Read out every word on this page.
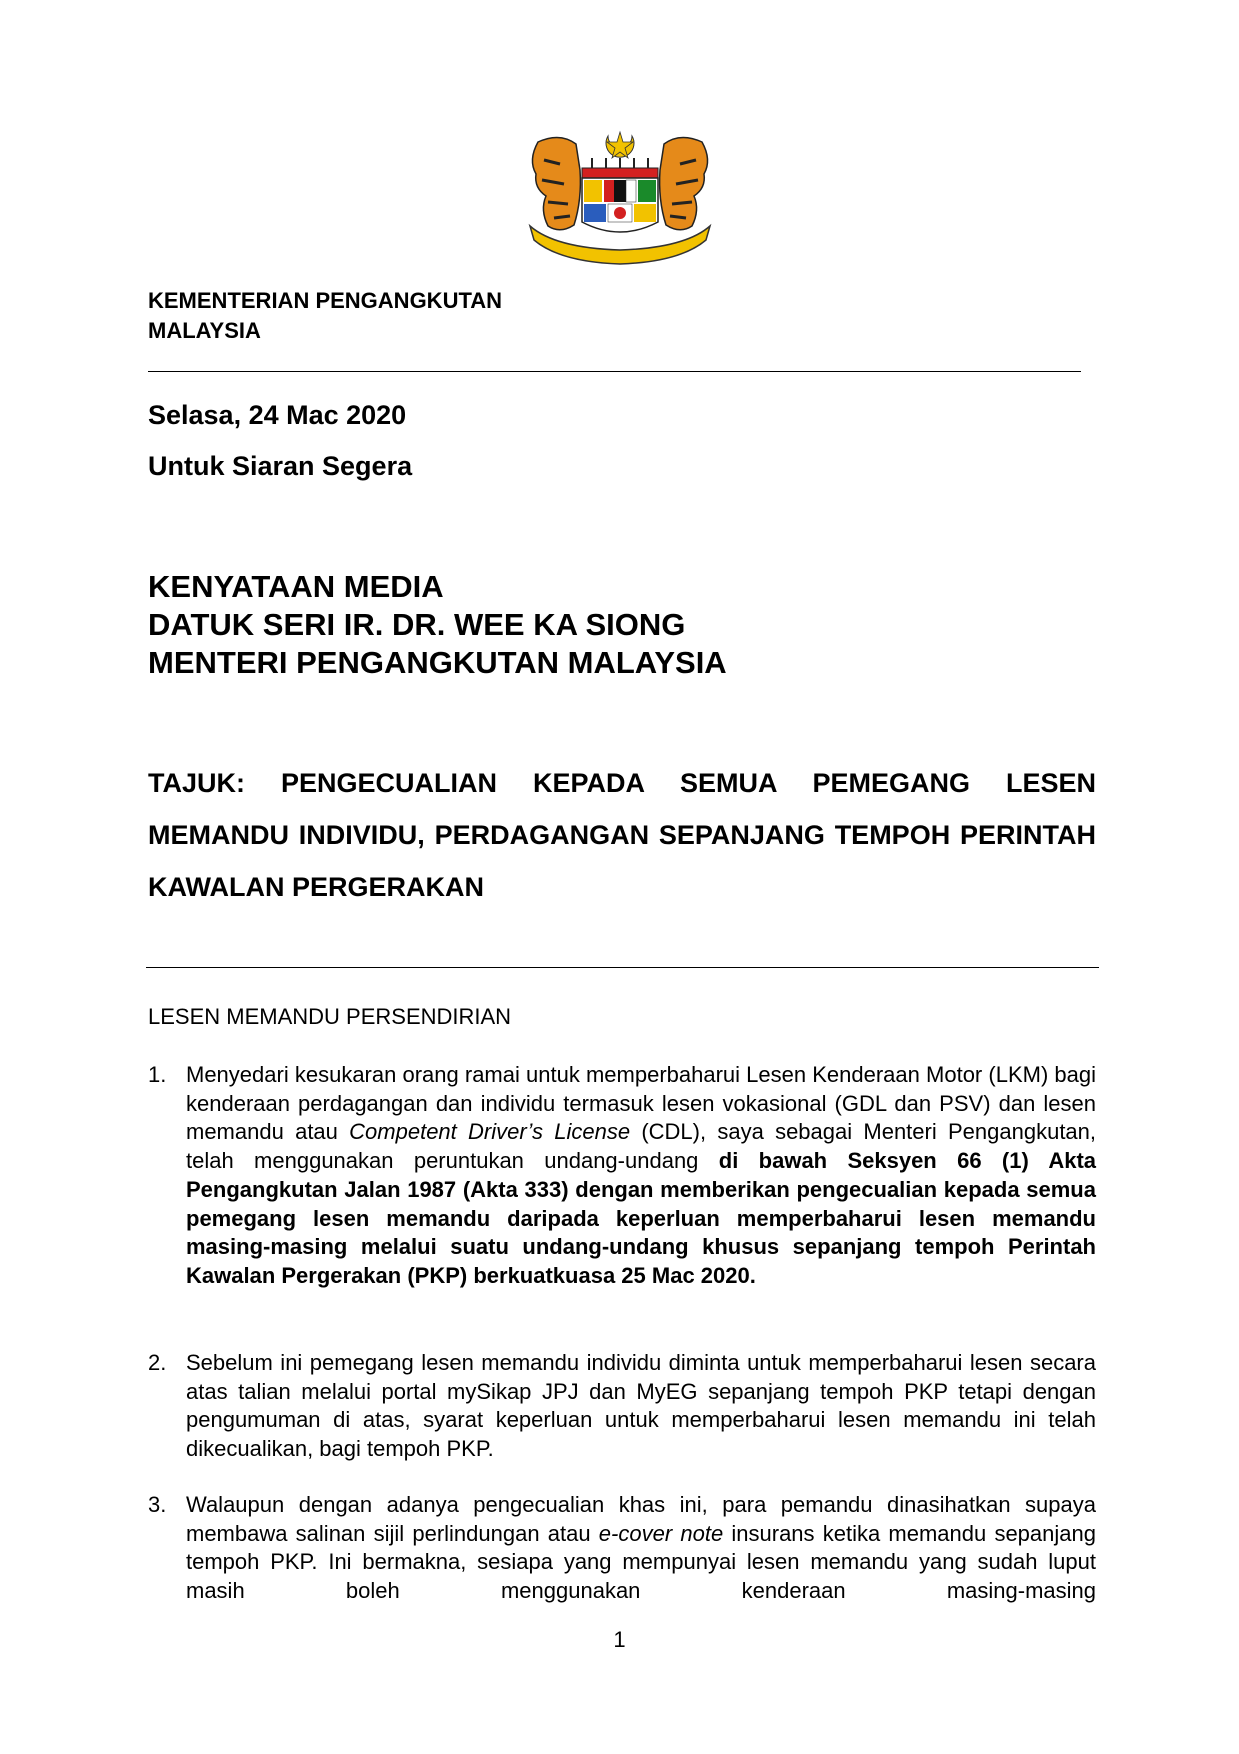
KEMENTERIAN PENGANGKUTAN
MALAYSIA
Selasa, 24 Mac 2020
Untuk Siaran Segera
KENYATAAN MEDIA
DATUK SERI IR. DR. WEE KA SIONG
MENTERI PENGANGKUTAN MALAYSIA
TAJUK: PENGECUALIAN KEPADA SEMUA PEMEGANG LESEN MEMANDU INDIVIDU, PERDAGANGAN SEPANJANG TEMPOH PERINTAH KAWALAN PERGERAKAN
LESEN MEMANDU PERSENDIRIAN
1. Menyedari kesukaran orang ramai untuk memperbaharui Lesen Kenderaan Motor (LKM) bagi kenderaan perdagangan dan individu termasuk lesen vokasional (GDL dan PSV) dan lesen memandu atau Competent Driver’s License (CDL), saya sebagai Menteri Pengangkutan, telah menggunakan peruntukan undang-undang di bawah Seksyen 66 (1) Akta Pengangkutan Jalan 1987 (Akta 333) dengan memberikan pengecualian kepada semua pemegang lesen memandu daripada keperluan memperbaharui lesen memandu masing-masing melalui suatu undang-undang khusus sepanjang tempoh Perintah Kawalan Pergerakan (PKP) berkuatkuasa 25 Mac 2020.
2. Sebelum ini pemegang lesen memandu individu diminta untuk memperbaharui lesen secara atas talian melalui portal mySikap JPJ dan MyEG sepanjang tempoh PKP tetapi dengan pengumuman di atas, syarat keperluan untuk memperbaharui lesen memandu ini telah dikecualikan, bagi tempoh PKP.
3. Walaupun dengan adanya pengecualian khas ini, para pemandu dinasihatkan supaya membawa salinan sijil perlindungan atau e-cover note insurans ketika memandu sepanjang tempoh PKP. Ini bermakna, sesiapa yang mempunyai lesen memandu yang sudah luput masih boleh menggunakan kenderaan masing-masing
1
